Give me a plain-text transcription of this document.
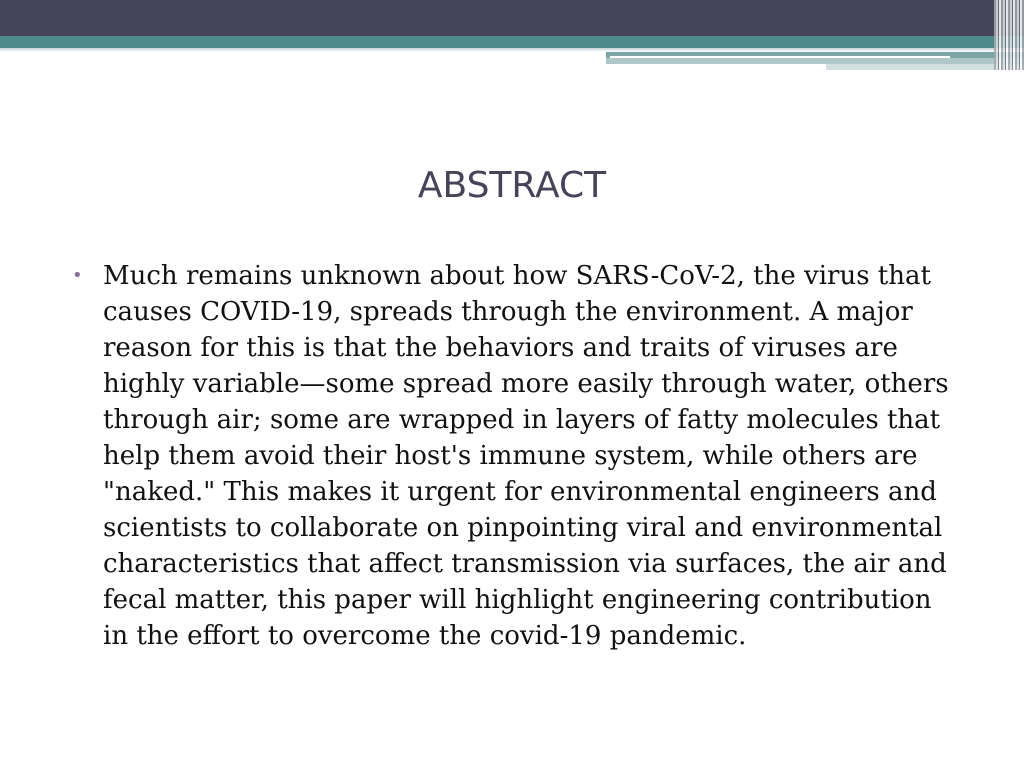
ABSTRACT
• Much remains unknown about how SARS-CoV-2, the virus that causes COVID-19, spreads through the environment. A major reason for this is that the behaviors and traits of viruses are highly variable—some spread more easily through water, others through air; some are wrapped in layers of fatty molecules that help them avoid their host's immune system, while others are "naked." This makes it urgent for environmental engineers and scientists to collaborate on pinpointing viral and environmental characteristics that affect transmission via surfaces, the air and fecal matter, this paper will highlight engineering contribution in the effort to overcome the covid-19 pandemic.
